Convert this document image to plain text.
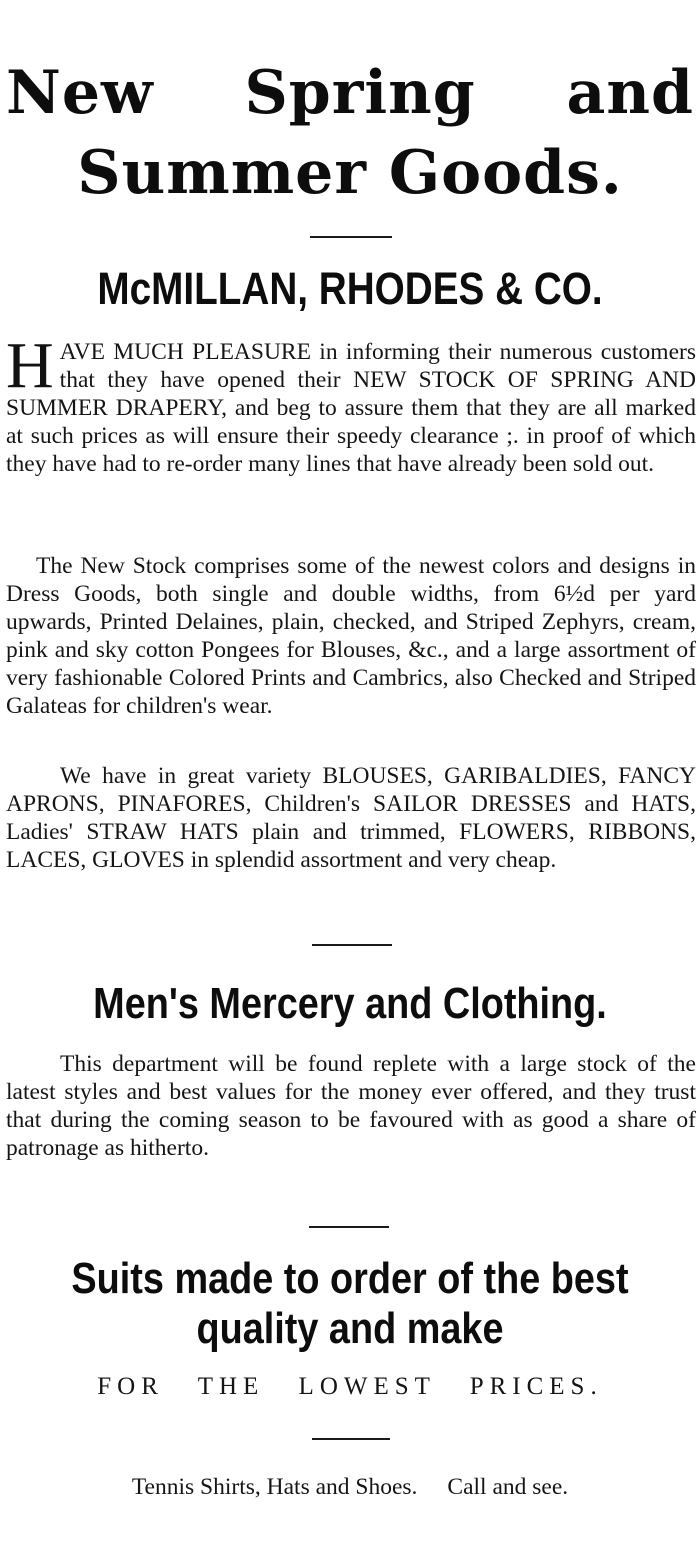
New Spring and
Summer Goods.
McMILLAN, RHODES & CO.
HAVE MUCH PLEASURE in informing their numerous customers that they have opened their NEW STOCK OF SPRING AND SUMMER DRAPERY, and beg to assure them that they are all marked at such prices as will ensure their speedy clearance ;. in proof of which they have had to re-order many lines that have already been sold out.
The New Stock comprises some of the newest colors and designs in Dress Goods, both single and double widths, from 6½d per yard upwards, Printed Delaines, plain, checked, and Striped Zephyrs, cream, pink and sky cotton Pongees for Blouses, &c., and a large assortment of very fashionable Colored Prints and Cambrics, also Checked and Striped Galateas for children's wear.
We have in great variety BLOUSES, GARIBALDIES, FANCY APRONS, PINAFORES, Children's SAILOR DRESSES and HATS, Ladies' STRAW HATS plain and trimmed, FLOWERS, RIBBONS, LACES, GLOVES in splendid assortment and very cheap.
Men's Mercery and Clothing.
This department will be found replete with a large stock of the latest styles and best values for the money ever offered, and they trust that during the coming season to be favoured with as good a share of patronage as hitherto.
Suits made to order of the best
quality and make
FOR THE LOWEST PRICES.
Tennis Shirts, Hats and Shoes. Call and see.
